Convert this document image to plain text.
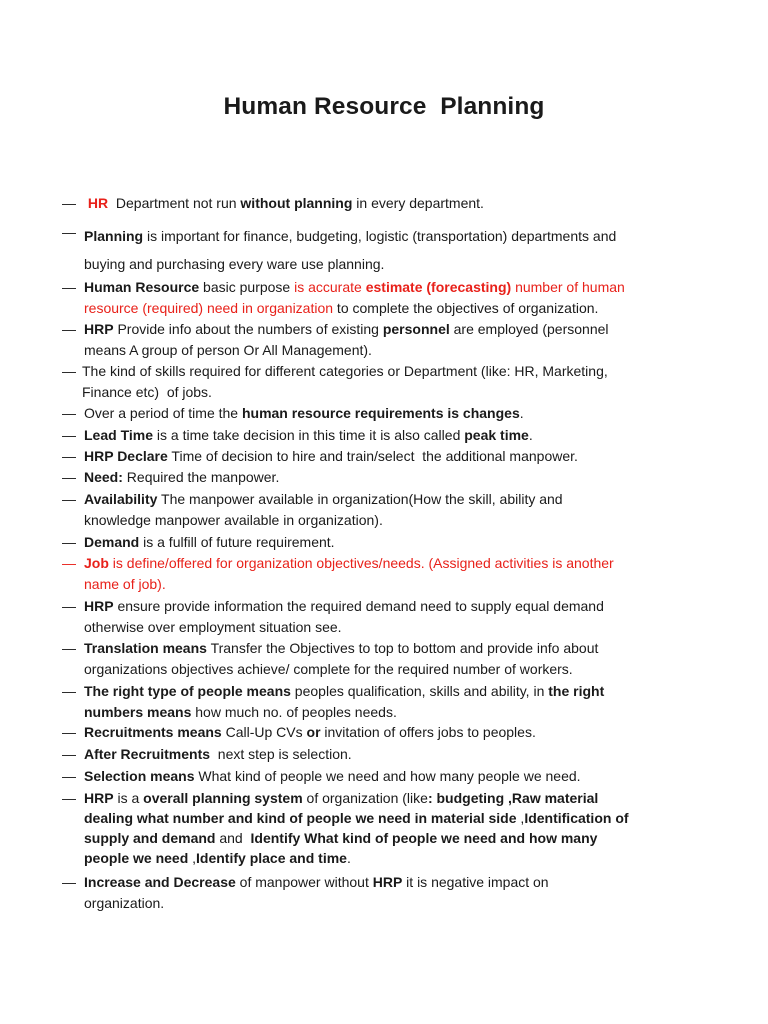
Human Resource  Planning
— HR  Department not run without planning in every department.
— Planning is important for finance, budgeting, logistic (transportation) departments and
buying and purchasing every ware use planning.
— Human Resource basic purpose is accurate estimate (forecasting) number of human
resource (required) need in organization to complete the objectives of organization.
— HRP Provide info about the numbers of existing personnel are employed (personnel
means A group of person Or All Management).
— The kind of skills required for different categories or Department (like: HR, Marketing,
Finance etc)  of jobs.
— Over a period of time the human resource requirements is changes.
— Lead Time is a time take decision in this time it is also called peak time.
— HRP Declare Time of decision to hire and train/select  the additional manpower.
— Need: Required the manpower.
— Availability The manpower available in organization(How the skill, ability and
knowledge manpower available in organization).
— Demand is a fulfill of future requirement.
— Job is define/offered for organization objectives/needs. (Assigned activities is another
name of job).
— HRP ensure provide information the required demand need to supply equal demand
otherwise over employment situation see.
— Translation means Transfer the Objectives to top to bottom and provide info about
organizations objectives achieve/ complete for the required number of workers.
— The right type of people means peoples qualification, skills and ability, in the right
numbers means how much no. of peoples needs.
— Recruitments means Call-Up CVs or invitation of offers jobs to peoples.
— After Recruitments  next step is selection.
— Selection means What kind of people we need and how many people we need.
— HRP is a overall planning system of organization (like: budgeting ,Raw material
dealing what number and kind of people we need in material side ,Identification of
supply and demand and  Identify What kind of people we need and how many
people we need ,Identify place and time.
— Increase and Decrease of manpower without HRP it is negative impact on
organization.
